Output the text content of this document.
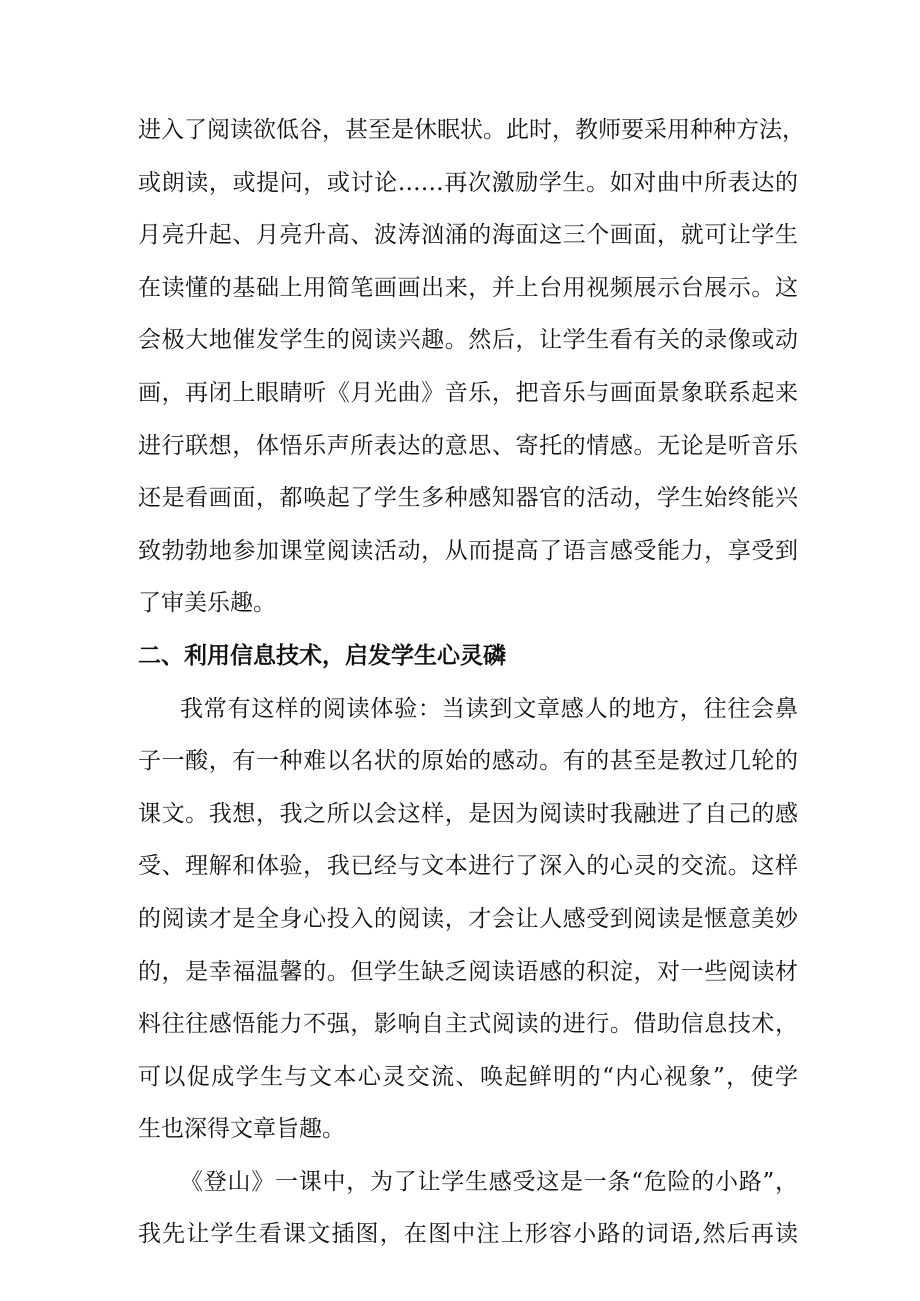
进入了阅读欲低谷，甚至是休眠状。此时，教师要采用种种方法，
或朗读，或提问，或讨论……再次激励学生。如对曲中所表达的
月亮升起、月亮升高、波涛汹涌的海面这三个画面，就可让学生
在读懂的基础上用简笔画画出来，并上台用视频展示台展示。这
会极大地催发学生的阅读兴趣。然后，让学生看有关的录像或动
画，再闭上眼睛听《月光曲》音乐，把音乐与画面景象联系起来
进行联想，体悟乐声所表达的意思、寄托的情感。无论是听音乐
还是看画面，都唤起了学生多种感知器官的活动，学生始终能兴
致勃勃地参加课堂阅读活动，从而提高了语言感受能力，享受到
了审美乐趣。
二、利用信息技术，启发学生心灵磷
我常有这样的阅读体验：当读到文章感人的地方，往往会鼻
子一酸，有一种难以名状的原始的感动。有的甚至是教过几轮的
课文。我想，我之所以会这样，是因为阅读时我融进了自己的感
受、理解和体验，我已经与文本进行了深入的心灵的交流。这样
的阅读才是全身心投入的阅读，才会让人感受到阅读是惬意美妙
的，是幸福温馨的。但学生缺乏阅读语感的积淀，对一些阅读材
料往往感悟能力不强，影响自主式阅读的进行。借助信息技术，
可以促成学生与文本心灵交流、唤起鲜明的“内心视象”，使学
生也深得文章旨趣。
《登山》一课中，为了让学生感受这是一条“危险的小路”，
我先让学生看课文插图，在图中注上形容小路的词语,然后再读
